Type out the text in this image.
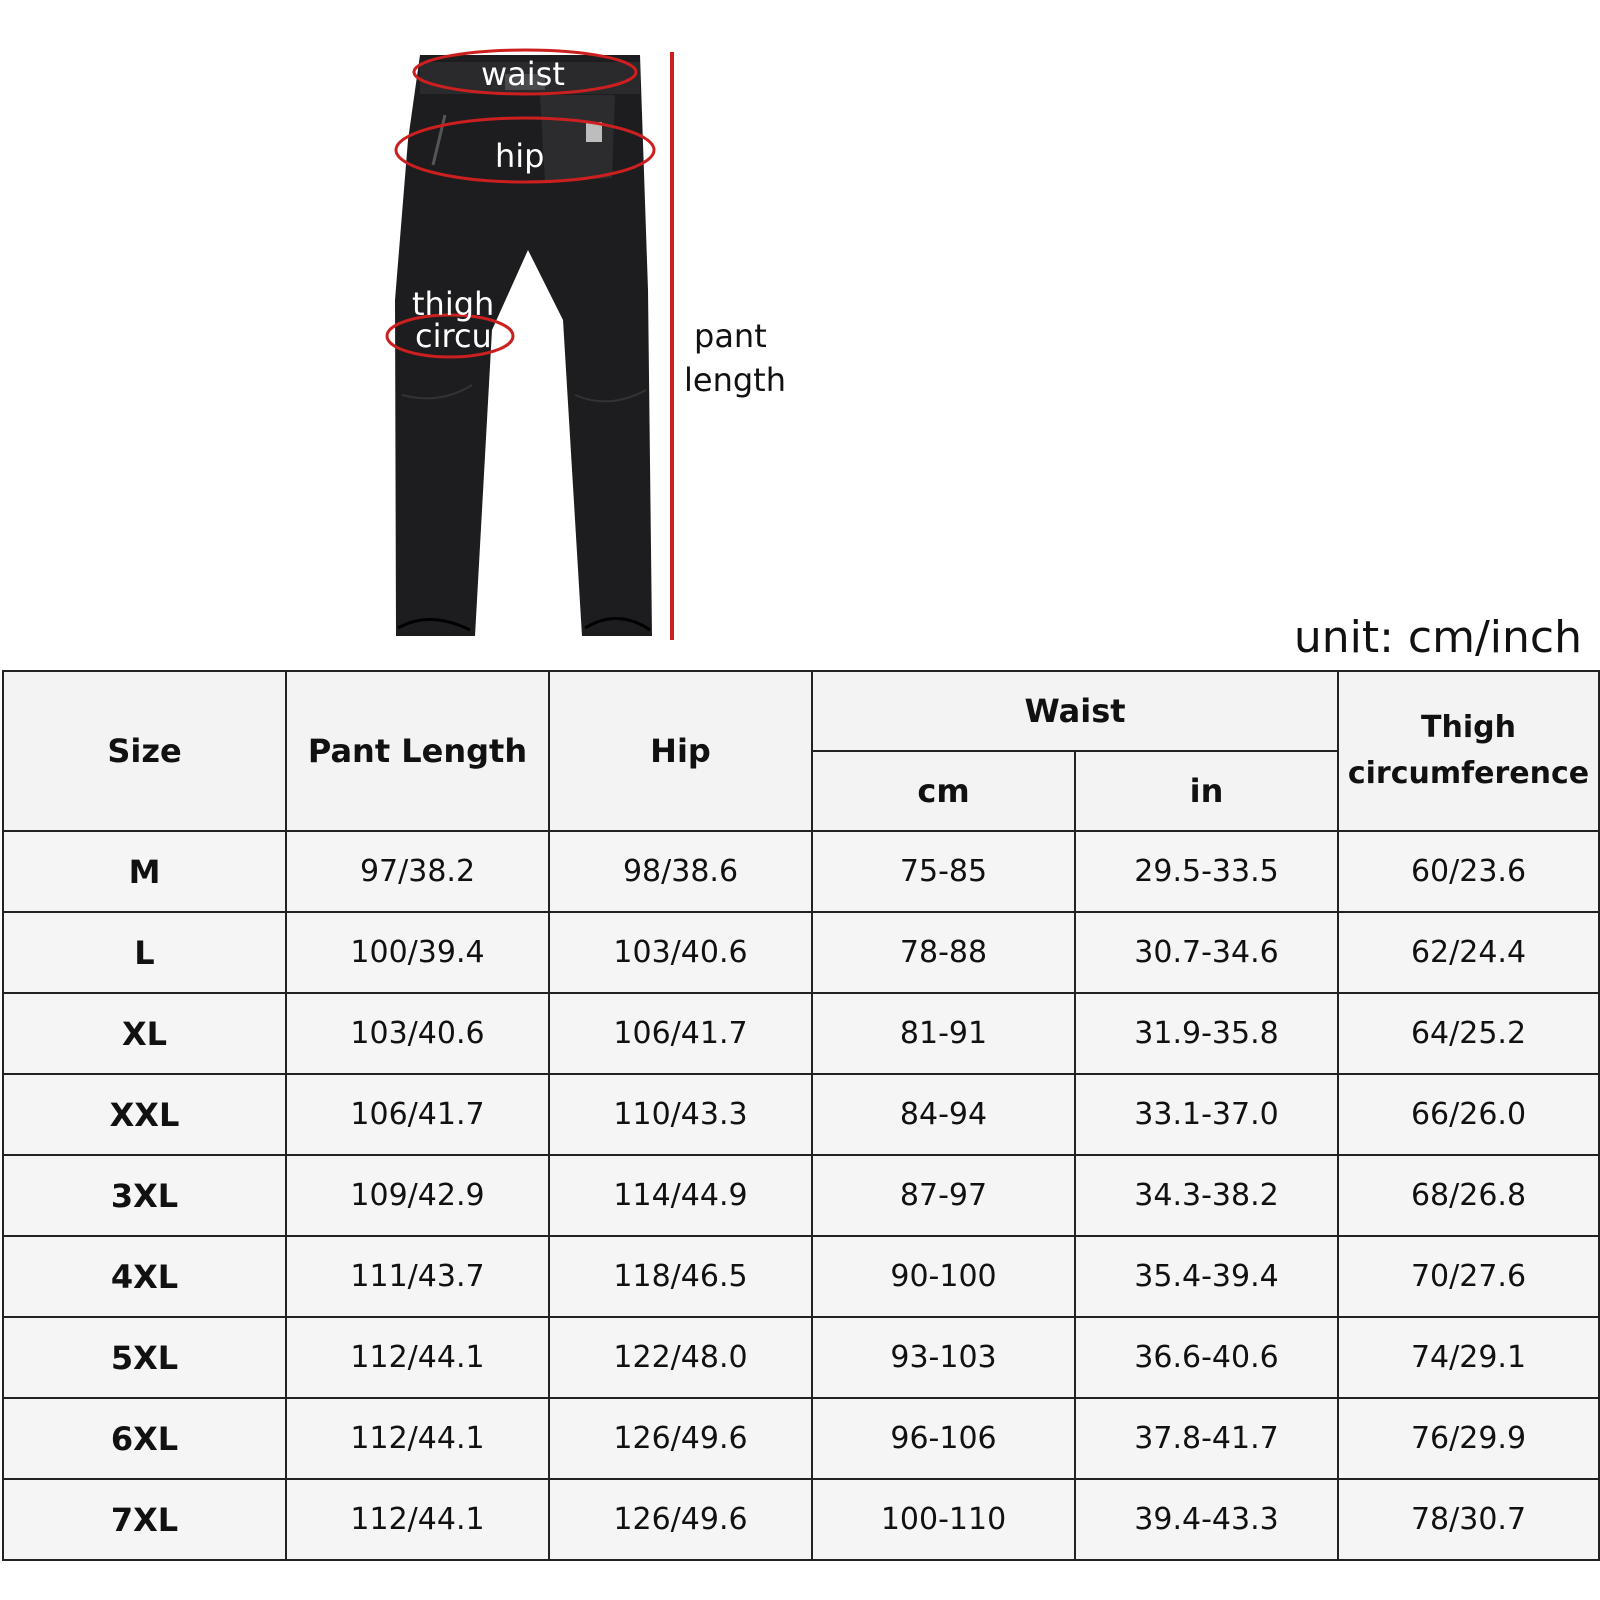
waist
hip
thigh
circu	pant
length
unit: cm/inch
Size	Pant Length	Hip	Waist		Thigh
circumference

			cm	in	
M	97/38.2	98/38.6	75-85	29.5-33.5	60/23.6
L	100/39.4	103/40.6	78-88	30.7-34.6	62/24.4
XL	103/40.6	106/41.7	81-91	31.9-35.8	64/25.2
XXL	106/41.7	110/43.3	84-94	33.1-37.0	66/26.0
3XL	109/42.9	114/44.9	87-97	34.3-38.2	68/26.8
4XL	111/43.7	118/46.5	90-100	35.4-39.4	70/27.6
5XL	112/44.1	122/48.0	93-103	36.6-40.6	74/29.1
6XL	112/44.1	126/49.6	96-106	37.8-41.7	76/29.9
7XL	112/44.1	126/49.6	100-110	39.4-43.3	78/30.7
